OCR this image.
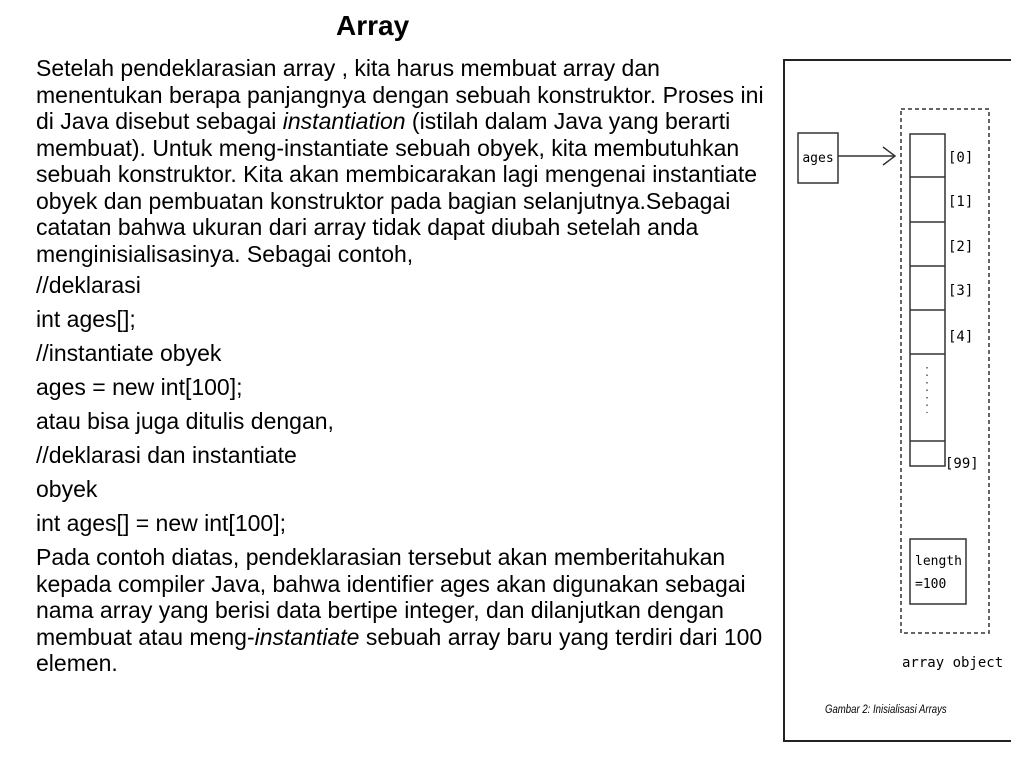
Array

Setelah pendeklarasian array , kita harus membuat array dan menentukan berapa panjangnya dengan sebuah konstruktor. Proses ini di Java disebut sebagai instantiation (istilah dalam Java yang berarti membuat). Untuk meng-instantiate sebuah obyek, kita membutuhkan sebuah konstruktor. Kita akan membicarakan lagi mengenai instantiate obyek dan pembuatan konstruktor pada bagian selanjutnya.Sebagai catatan bahwa ukuran dari array tidak dapat diubah setelah anda menginisialisasinya. Sebagai contoh,

//deklarasi

int ages[];

//instantiate obyek

ages = new int[100];

atau bisa juga ditulis dengan,

//deklarasi dan instantiate

obyek

int ages[] = new int[100];

Pada contoh diatas, pendeklarasian tersebut akan memberitahukan kepada compiler Java, bahwa identifier ages akan digunakan sebagai nama array yang berisi data bertipe integer, dan dilanjutkan dengan membuat atau meng-instantiate sebuah array baru yang terdiri dari 100 elemen.

ages	[0]
[1]
[2]
[3]
[4]
[99]
length
=100
array object
Gambar 2: Inisialisasi Arrays
